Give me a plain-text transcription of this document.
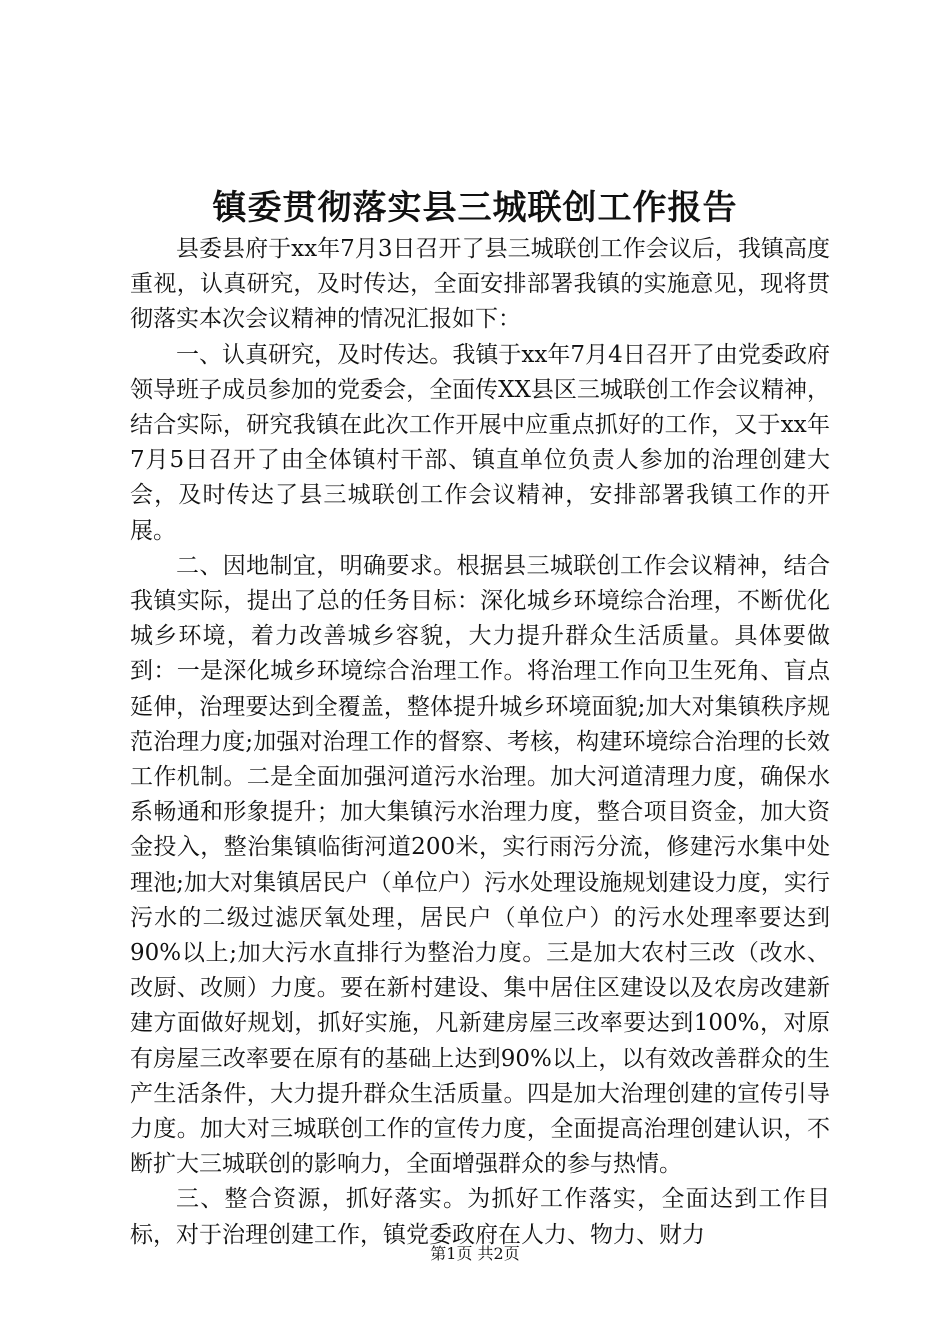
镇委贯彻落实县三城联创工作报告

县委县府于xx年7月3日召开了县三城联创工作会议后，我镇高度重视，认真研究，及时传达，全面安排部署我镇的实施意见，现将贯彻落实本次会议精神的情况汇报如下：

一、认真研究，及时传达。我镇于xx年7月4日召开了由党委政府领导班子成员参加的党委会，全面传XX县区三城联创工作会议精神，结合实际，研究我镇在此次工作开展中应重点抓好的工作，又于xx年7月5日召开了由全体镇村干部、镇直单位负责人参加的治理创建大会，及时传达了县三城联创工作会议精神，安排部署我镇工作的开展。

二、因地制宜，明确要求。根据县三城联创工作会议精神，结合我镇实际，提出了总的任务目标：深化城乡环境综合治理，不断优化城乡环境，着力改善城乡容貌，大力提升群众生活质量。具体要做到：一是深化城乡环境综合治理工作。将治理工作向卫生死角、盲点延伸，治理要达到全覆盖，整体提升城乡环境面貌;加大对集镇秩序规范治理力度;加强对治理工作的督察、考核，构建环境综合治理的长效工作机制。二是全面加强河道污水治理。加大河道清理力度，确保水系畅通和形象提升；加大集镇污水治理力度，整合项目资金，加大资金投入，整治集镇临街河道200米，实行雨污分流，修建污水集中处理池;加大对集镇居民户（单位户）污水处理设施规划建设力度，实行污水的二级过滤厌氧处理，居民户（单位户）的污水处理率要达到90%以上;加大污水直排行为整治力度。三是加大农村三改（改水、改厨、改厕）力度。要在新村建设、集中居住区建设以及农房改建新建方面做好规划，抓好实施，凡新建房屋三改率要达到100%，对原有房屋三改率要在原有的基础上达到90%以上，以有效改善群众的生产生活条件，大力提升群众生活质量。四是加大治理创建的宣传引导力度。加大对三城联创工作的宣传力度，全面提高治理创建认识，不断扩大三城联创的影响力，全面增强群众的参与热情。

三、整合资源，抓好落实。为抓好工作落实，全面达到工作目标，对于治理创建工作，镇党委政府在人力、物力、财力

第1页 共2页
